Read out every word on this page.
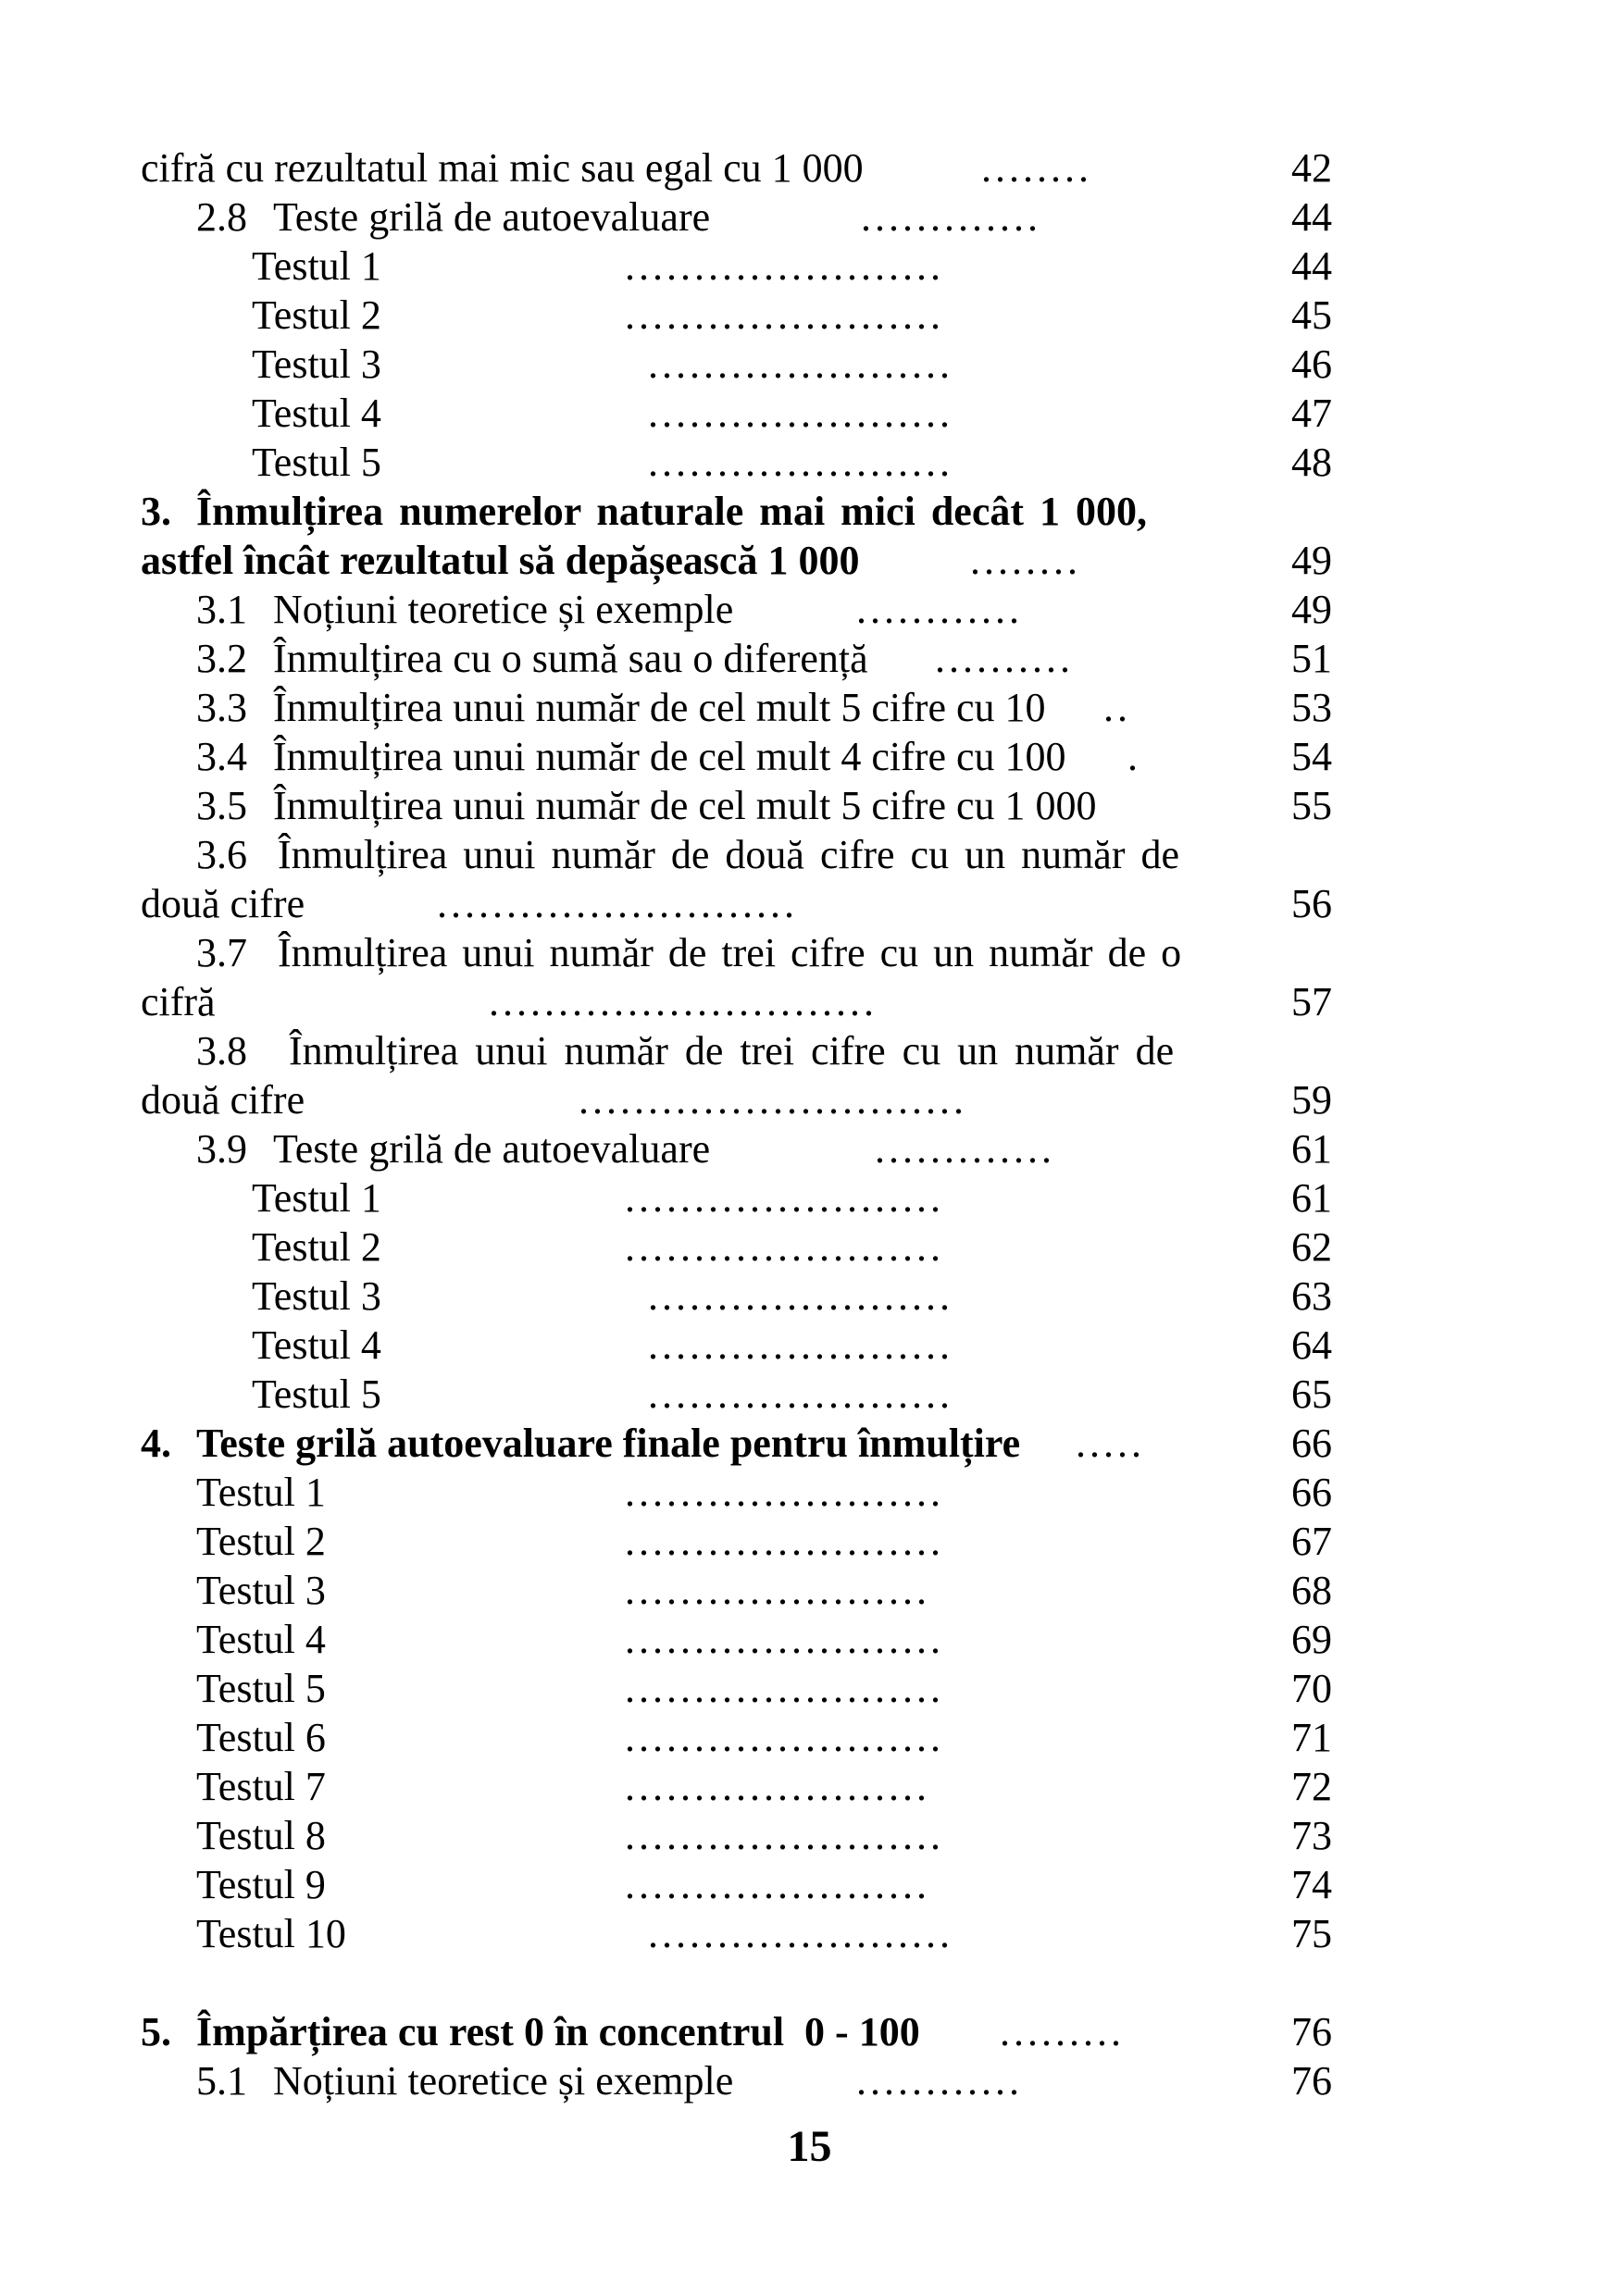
cifră cu rezultatul mai mic sau egal cu 1 000	........	42
2.8 Teste grilă de autoevaluare	.............	44
Testul 1	.......................	44
Testul 2	.......................	45
Testul 3	......................	46
Testul 4	......................	47
Testul 5	......................	48
3. Înmulțirea numerelor naturale mai mici decât 1 000,
astfel încât rezultatul să depășească 1 000	........	49
3.1 Noțiuni teoretice și exemple	............	49
3.2 Înmulțirea cu o sumă sau o diferență ..........	51
3.3 Înmulțirea unui număr de cel mult 5 cifre cu 10 ..	53
3.4 Înmulțirea unui număr de cel mult 4 cifre cu 100 .	54
3.5 Înmulțirea unui număr de cel mult 5 cifre cu 1 000	55
3.6 Înmulțirea unui număr de două cifre cu un număr de
două cifre	..........................	56
3.7 Înmulțirea unui număr de trei cifre cu un număr de o
cifră	............................	57
3.8 Înmulțirea unui număr de trei cifre cu un număr de
două cifre	............................	59
3.9 Teste grilă de autoevaluare	.............	61
Testul 1	.......................	61
Testul 2	.......................	62
Testul 3	......................	63
Testul 4	......................	64
Testul 5	......................	65
4. Teste grilă autoevaluare finale pentru înmulțire .....	66
Testul 1	.......................	66
Testul 2	.......................	67
Testul 3	......................	68
Testul 4	.......................	69
Testul 5	.......................	70
Testul 6	.......................	71
Testul 7	......................	72
Testul 8	.......................	73
Testul 9	......................	74
Testul 10	......................	75
5. Împărțirea cu rest 0 în concentrul  0 - 100 .........	76
5.1 Noțiuni teoretice și exemple	............	76
15
